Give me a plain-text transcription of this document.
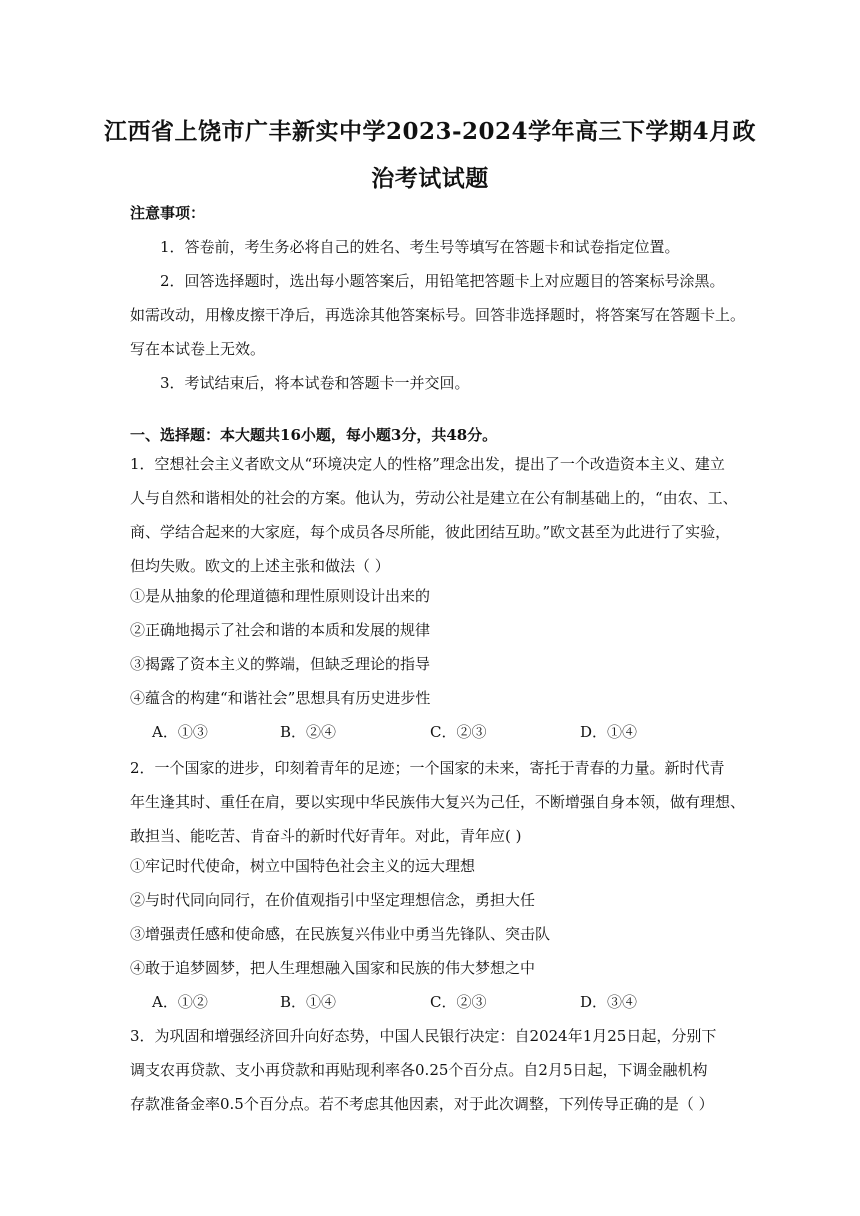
江西省上饶市广丰新实中学2023-2024学年高三下学期4月政
治考试试题
注意事项：
1．答卷前，考生务必将自己的姓名、考生号等填写在答题卡和试卷指定位置。
2．回答选择题时，选出每小题答案后，用铅笔把答题卡上对应题目的答案标号涂黑。
如需改动，用橡皮擦干净后，再选涂其他答案标号。回答非选择题时，将答案写在答题卡上。
写在本试卷上无效。
3．考试结束后，将本试卷和答题卡一并交回。
一、选择题：本大题共16小题，每小题3分，共48分。
1．空想社会主义者欧文从“环境决定人的性格”理念出发，提出了一个改造资本主义、建立
人与自然和谐相处的社会的方案。他认为，劳动公社是建立在公有制基础上的，“由农、工、
商、学结合起来的大家庭，每个成员各尽所能，彼此团结互助。”欧文甚至为此进行了实验，
但均失败。欧文的上述主张和做法（ ）
①是从抽象的伦理道德和理性原则设计出来的
②正确地揭示了社会和谐的本质和发展的规律
③揭露了资本主义的弊端，但缺乏理论的指导
④蕴含的构建“和谐社会”思想具有历史进步性
A．①③	B．②④	C．②③	D．①④
2．一个国家的进步，印刻着青年的足迹；一个国家的未来，寄托于青春的力量。新时代青
年生逢其时、重任在肩，要以实现中华民族伟大复兴为己任，不断增强自身本领，做有理想、
敢担当、能吃苦、肯奋斗的新时代好青年。对此，青年应( )
①牢记时代使命，树立中国特色社会主义的远大理想
②与时代同向同行，在价值观指引中坚定理想信念，勇担大任
③增强责任感和使命感，在民族复兴伟业中勇当先锋队、突击队
④敢于追梦圆梦，把人生理想融入国家和民族的伟大梦想之中
A．①②	B．①④	C．②③	D．③④
3．为巩固和增强经济回升向好态势，中国人民银行决定：自2024年1月25日起，分别下
调支农再贷款、支小再贷款和再贴现利率各0.25个百分点。自2月5日起，下调金融机构
存款准备金率0.5个百分点。若不考虑其他因素，对于此次调整，下列传导正确的是（ ）
